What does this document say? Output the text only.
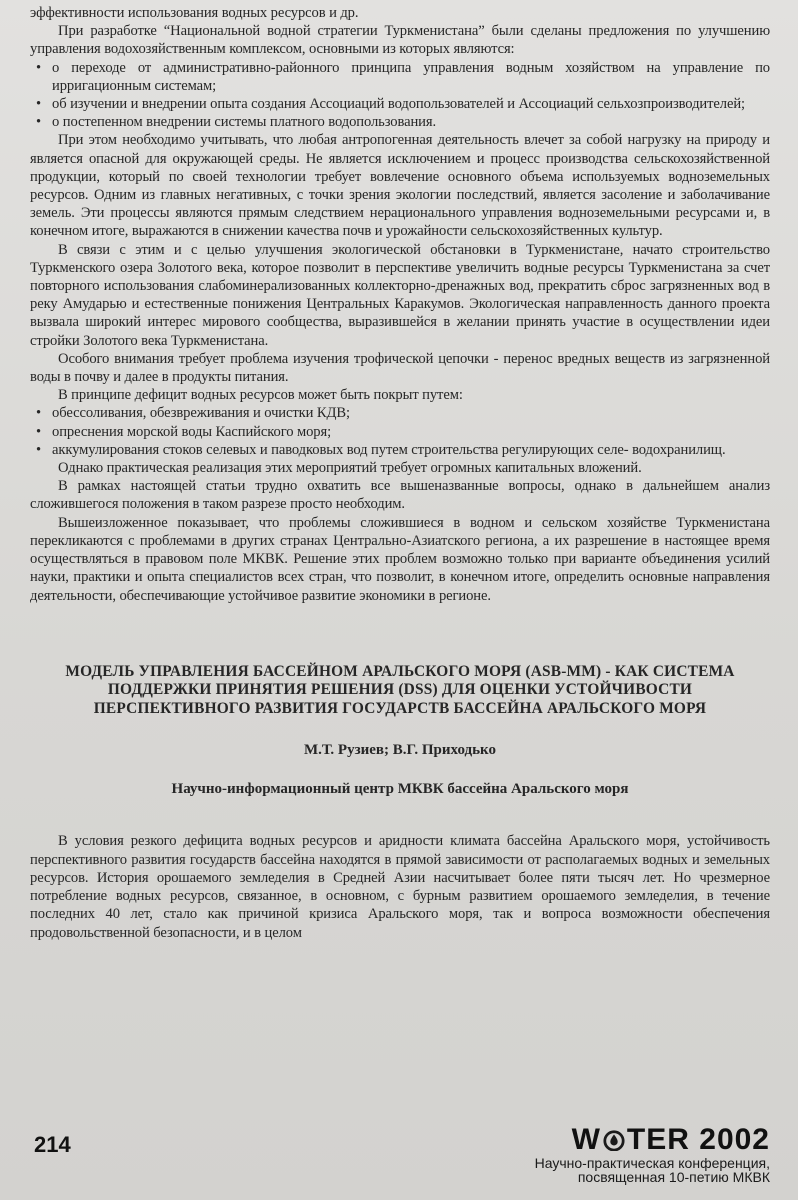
эффективности использования водных ресурсов и др.

При разработке “Национальной водной стратегии Туркменистана” были сделаны предложения по улучшению управления водохозяйственным комплексом, основными из которых являются:

• о переходе от административно-районного принципа управления водным хозяйством на управление по ирригационным системам;

• об изучении и внедрении опыта создания Ассоциаций водопользователей и Ассоциаций сельхозпроизводителей;

• о постепенном внедрении системы платного водопользования.

При этом необходимо учитывать, что любая антропогенная деятельность влечет за собой нагрузку на природу и является опасной для окружающей среды. Не является исключением и процесс производства сельскохозяйственной продукции, который по своей технологии требует вовлечение основного объема используемых водноземельных ресурсов. Одним из главных негативных, с точки зрения экологии последствий, является засоление и заболачивание земель. Эти процессы являются прямым следствием нерационального управления водноземельными ресурсами и, в конечном итоге, выражаются в снижении качества почв и урожайности сельскохозяйственных культур.

В связи с этим и с целью улучшения экологической обстановки в Туркменистане, начато строительство Туркменского озера Золотого века, которое позволит в перспективе увеличить водные ресурсы Туркменистана за счет повторного использования слабоминерализованных коллекторно-дренажных вод, прекратить сброс загрязненных вод в реку Амударью и естественные понижения Центральных Каракумов. Экологическая направленность данного проекта вызвала широкий интерес мирового сообщества, выразившейся в желании принять участие в осуществлении идеи стройки Золотого века Туркменистана.

Особого внимания требует проблема изучения трофической цепочки - перенос вредных веществ из загрязненной воды в почву и далее в продукты питания.

В принципе дефицит водных ресурсов может быть покрыт путем:

• обессоливания, обезвреживания и очистки КДВ;

• опреснения морской воды Каспийского моря;

• аккумулирования стоков селевых и паводковых вод путем строительства регулирующих селе- водохранилищ.

Однако практическая реализация этих мероприятий требует огромных капитальных вложений.

В рамках настоящей статьи трудно охватить все вышеназванные вопросы, однако в дальнейшем анализ сложившегося положения в таком разрезе просто необходим.

Вышеизложенное показывает, что проблемы сложившиеся в водном и сельском хозяйстве Туркменистана перекликаются с проблемами в других странах Центрально-Азиатского региона, а их разрешение в настоящее время осуществляться в правовом поле МКВК. Решение этих проблем возможно только при варианте объединения усилий науки, практики и опыта специалистов всех стран, что позволит, в конечном итоге, определить основные направления деятельности, обеспечивающие устойчивое развитие экономики в регионе.

МОДЕЛЬ УПРАВЛЕНИЯ БАССЕЙНОМ АРАЛЬСКОГО МОРЯ (ASB-MM) - КАК СИСТЕМА ПОДДЕРЖКИ ПРИНЯТИЯ РЕШЕНИЯ (DSS) ДЛЯ ОЦЕНКИ УСТОЙЧИВОСТИ ПЕРСПЕКТИВНОГО РАЗВИТИЯ ГОСУДАРСТВ БАССЕЙНА АРАЛЬСКОГО МОРЯ
М.Т. Рузиев; В.Г. Приходько
Научно-информационный центр МКВК бассейна Аральского моря

В условия резкого дефицита водных ресурсов и аридности климата бассейна Аральского моря, устойчивость перспективного развития государств бассейна находятся в прямой зависимости от располагаемых водных и земельных ресурсов. История орошаемого земледелия в Средней Азии насчитывает более пяти тысяч лет. Но чрезмерное потребление водных ресурсов, связанное, в основном, с бурным развитием орошаемого земледелия, в течение последних 40 лет, стало как причиной кризиса Аральского моря, так и вопроса возможности обеспечения продовольственной безопасности, и в целом

214	W TER 2002
Научно-практическая конференция,
посвященная 10-петию МКВК
